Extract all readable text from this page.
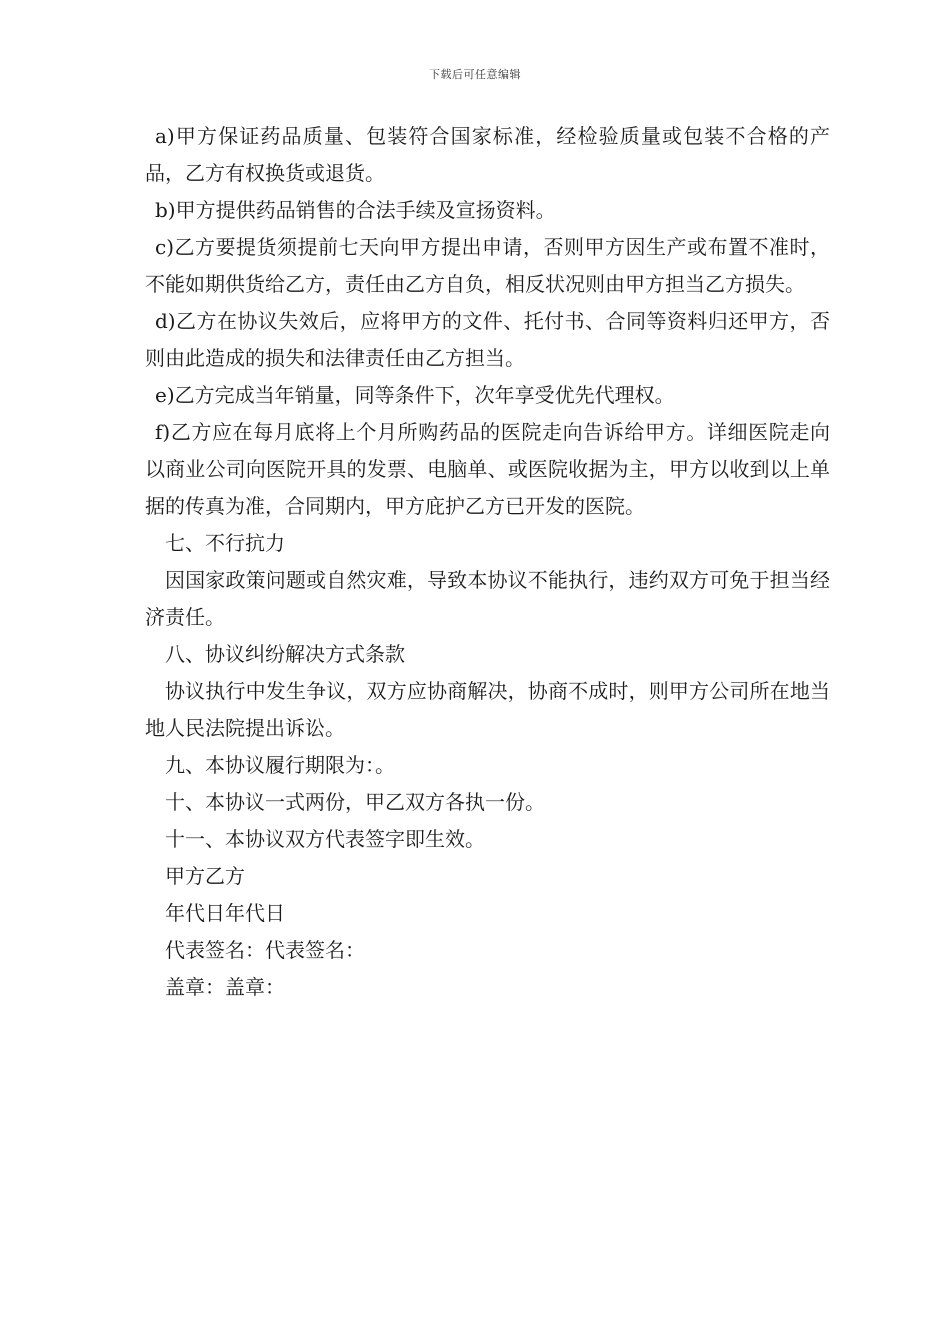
下载后可任意编辑

a)甲方保证药品质量、包装符合国家标准，经检验质量或包装不合格的产品，乙方有权换货或退货。

b)甲方提供药品销售的合法手续及宣扬资料。

c)乙方要提货须提前七天向甲方提出申请，否则甲方因生产或布置不准时，不能如期供货给乙方，责任由乙方自负，相反状况则由甲方担当乙方损失。

d)乙方在协议失效后，应将甲方的文件、托付书、合同等资料归还甲方，否则由此造成的损失和法律责任由乙方担当。

e)乙方完成当年销量，同等条件下，次年享受优先代理权。

f)乙方应在每月底将上个月所购药品的医院走向告诉给甲方。详细医院走向以商业公司向医院开具的发票、电脑单、或医院收据为主，甲方以收到以上单据的传真为准，合同期内，甲方庇护乙方已开发的医院。

七、不行抗力

因国家政策问题或自然灾难，导致本协议不能执行，违约双方可免于担当经济责任。

八、协议纠纷解决方式条款

协议执行中发生争议，双方应协商解决，协商不成时，则甲方公司所在地当地人民法院提出诉讼。

九、本协议履行期限为：。

十、本协议一式两份，甲乙双方各执一份。

十一、本协议双方代表签字即生效。

甲方乙方

年代日年代日

代表签名：代表签名：

盖章：盖章：
